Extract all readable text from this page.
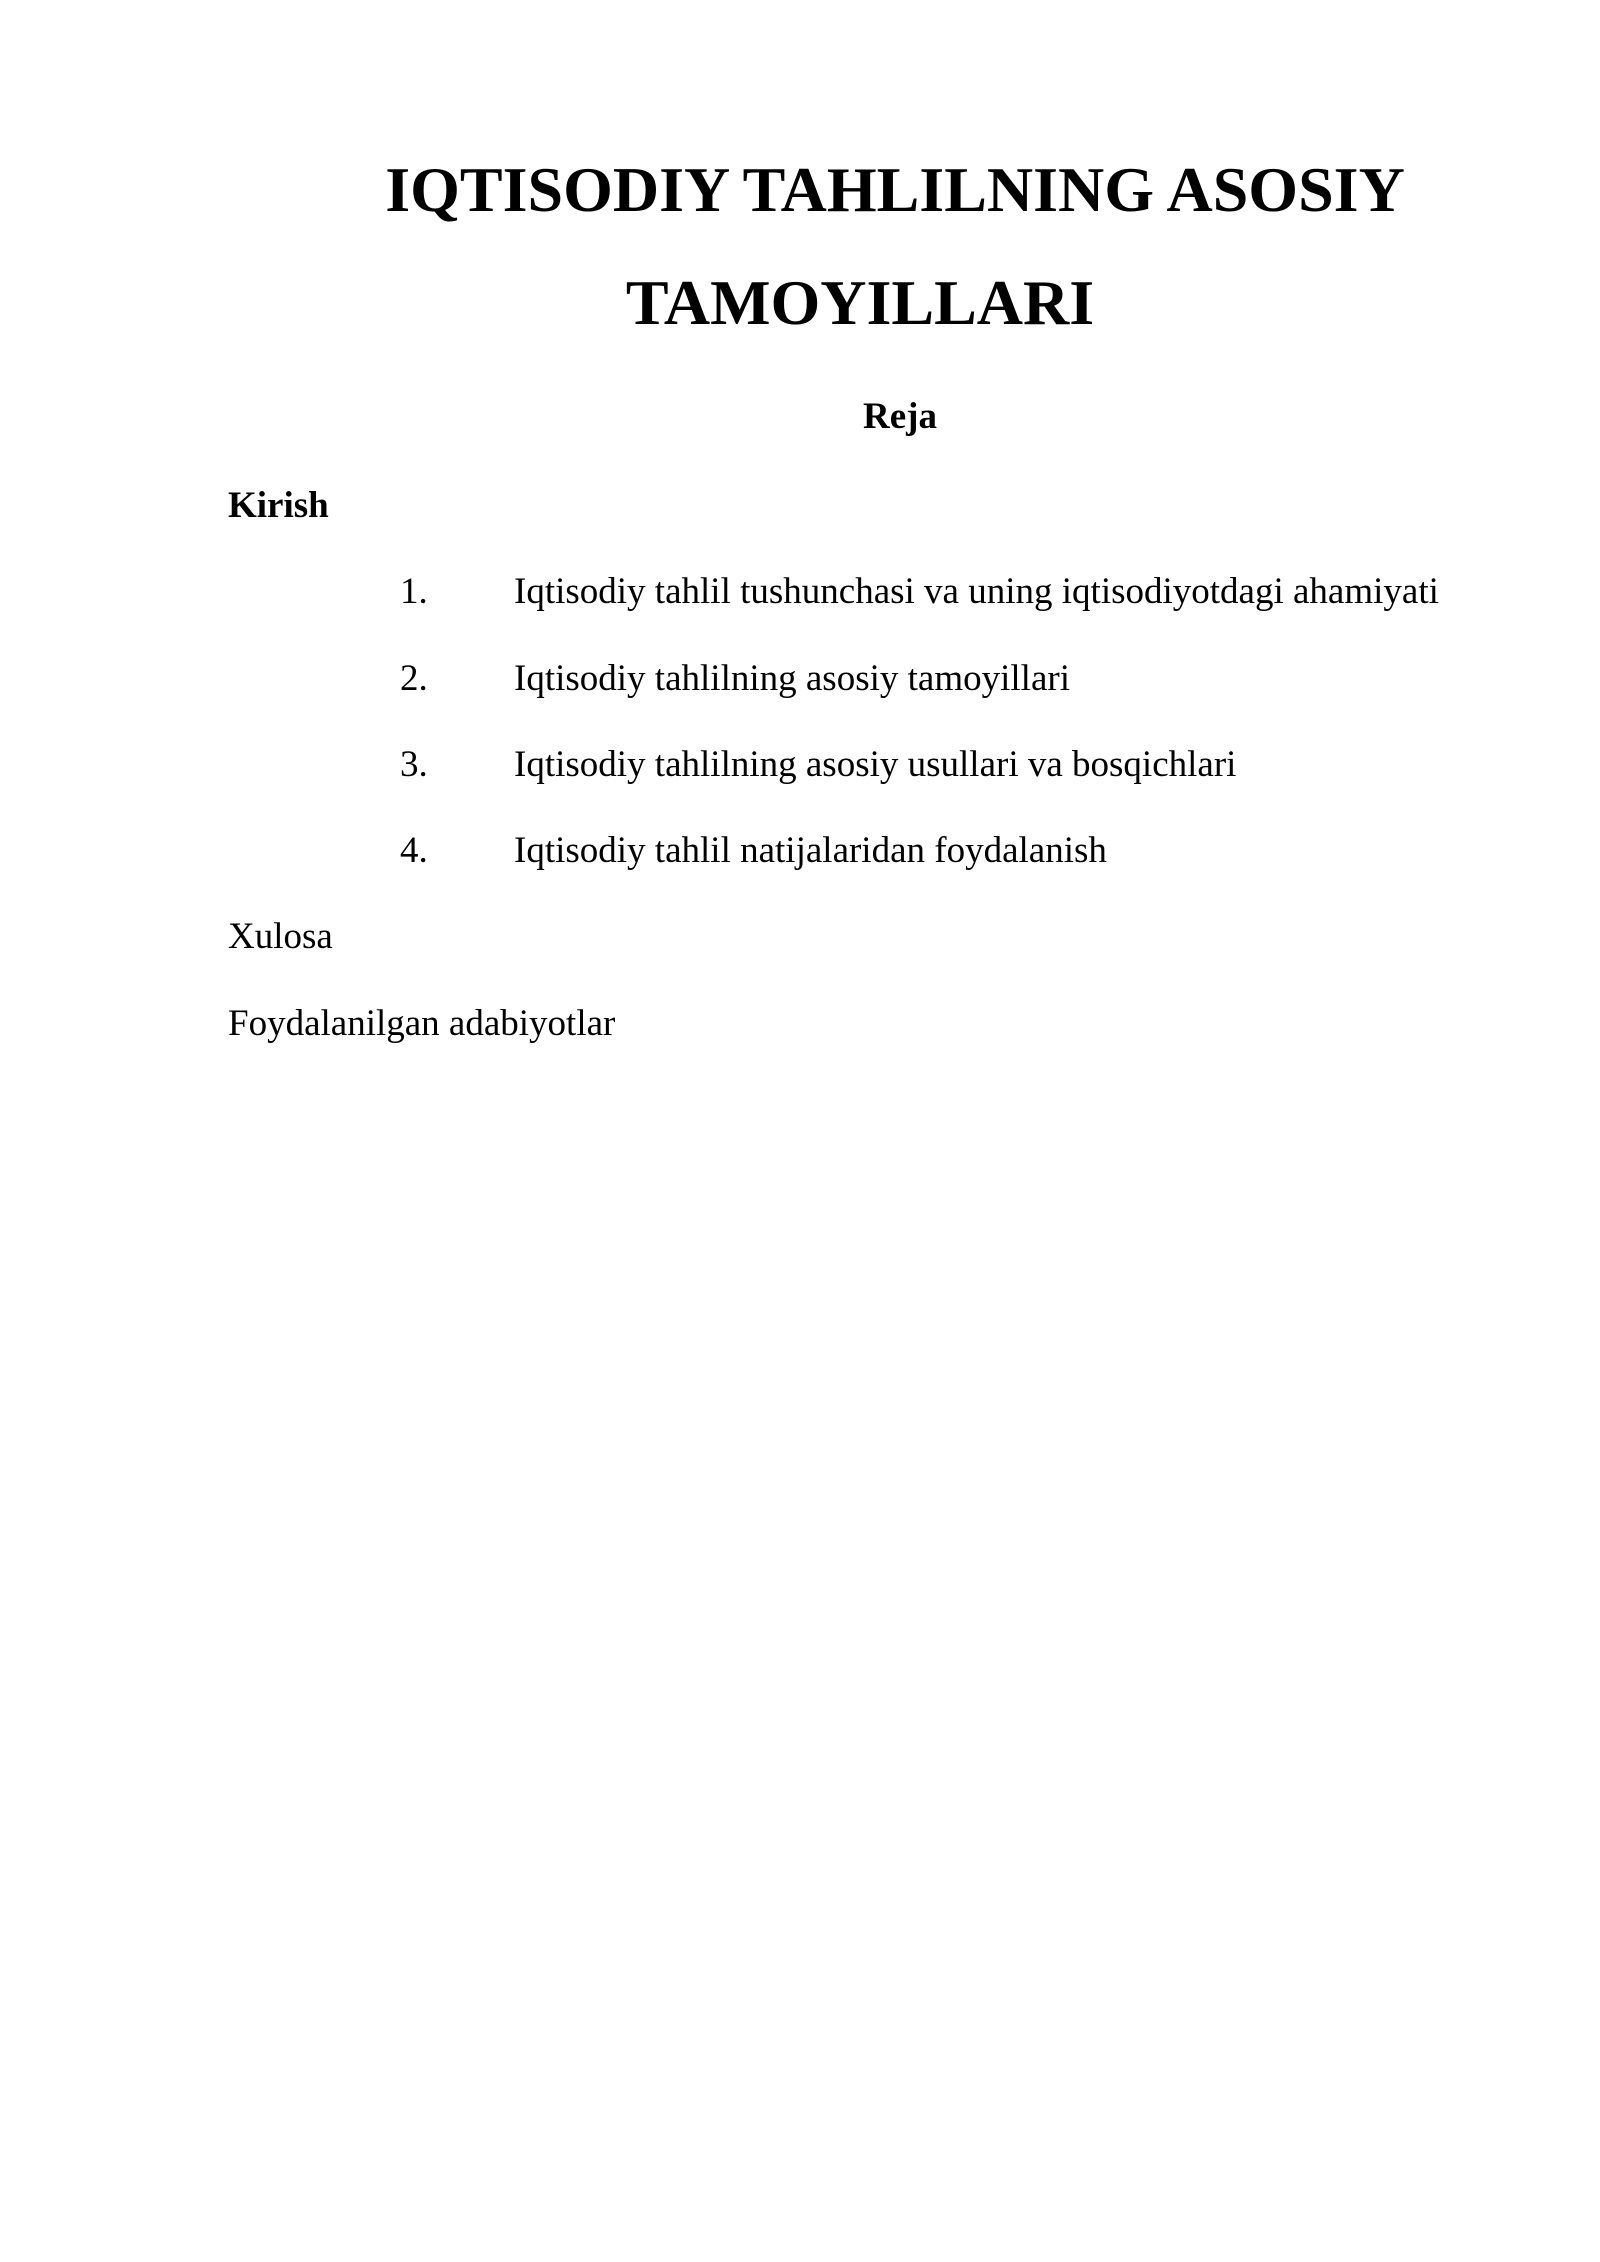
IQTISODIY TAHLILNING ASOSIY
TAMOYILLARI
Reja
Kirish
1. Iqtisodiy tahlil tushunchasi va uning iqtisodiyotdagi ahamiyati
2. Iqtisodiy tahlilning asosiy tamoyillari
3. Iqtisodiy tahlilning asosiy usullari va bosqichlari
4. Iqtisodiy tahlil natijalaridan foydalanish
Xulosa
Foydalanilgan adabiyotlar
